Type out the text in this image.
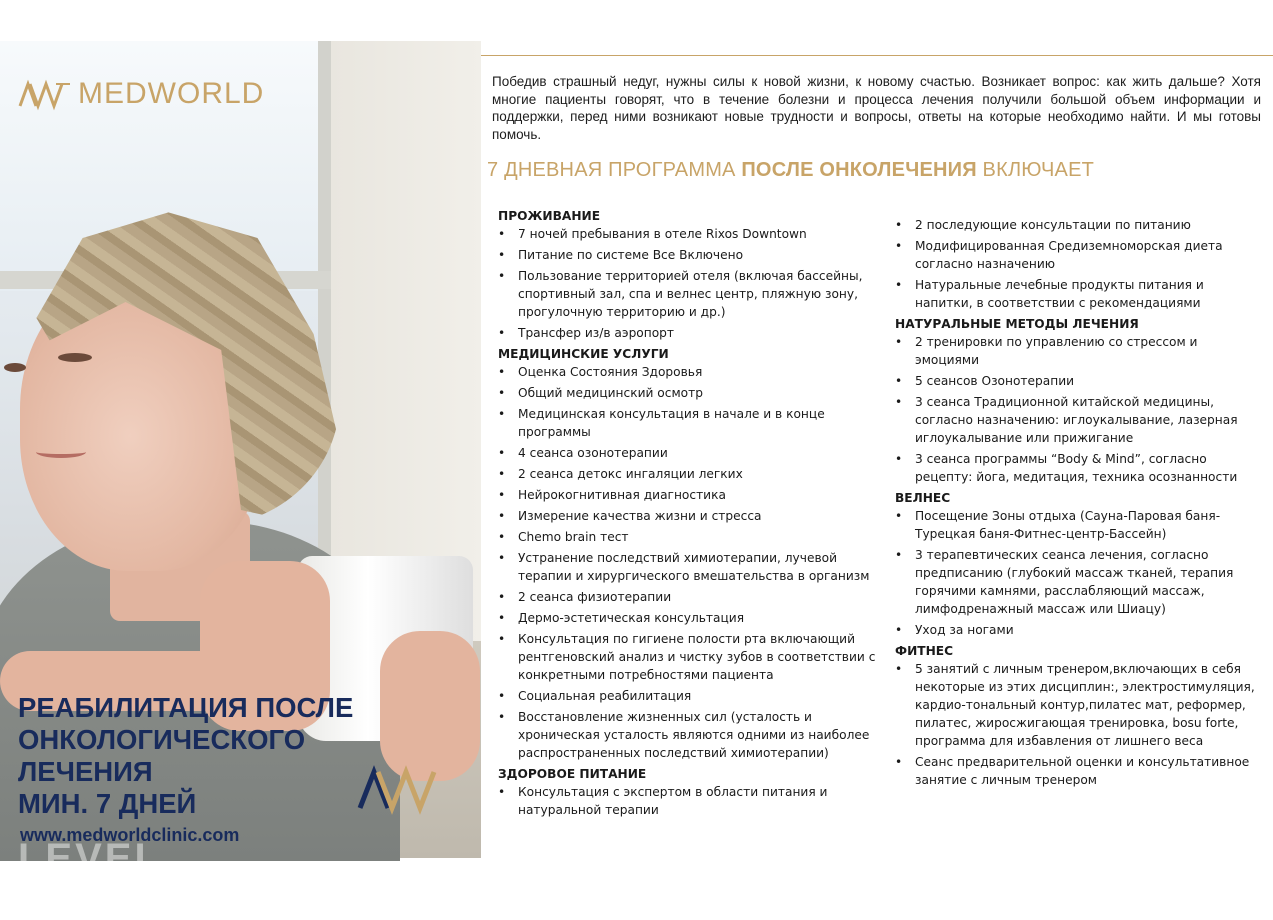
MEDWORLD
РЕАБИЛИТАЦИЯ ПОСЛЕ
ОНКОЛОГИЧЕСКОГО
ЛЕЧЕНИЯ
МИН. 7 ДНЕЙ
www.medworldclinic.com
LEVEL TRAVEL

Победив страшный недуг, нужны силы к новой жизни, к новому счастью. Возникает вопрос: как жить дальше? Хотя многие пациенты говорят, что в течение болезни и процесса лечения получили большой объем информации и поддержки, перед ними возникают новые трудности и вопросы, ответы на которые необходимо найти. И мы готовы помочь.

7 ДНЕВНАЯ ПРОГРАММА ПОСЛЕ ОНКОЛЕЧЕНИЯ ВКЛЮЧАЕТ
ПРОЖИВАНИЕ
• 7 ночей пребывания в отеле Rixos Downtown
• Питание по системе Все Включено
• Пользование территорией отеля (включая бассейны, спортивный зал, спа и велнес центр, пляжную зону, прогулочную территорию и др.)
• Трансфер из/в аэропорт
МЕДИЦИНСКИЕ УСЛУГИ
• Оценка Состояния Здоровья
• Общий медицинский осмотр
• Медицинская консультация в начале и в конце программы
• 4 сеанса озонотерапии
• 2 сеанса детокс ингаляции легких
• Нейрокогнитивная диагностика
• Измерение качества жизни и стресса
• Chemo brain тест
• Устранение последствий химиотерапии, лучевой терапии и хирургического вмешательства в организм
• 2 сеанса физиотерапии
• Дермо-эстетическая консультация
• Консультация по гигиене полости рта включающий рентгеновский анализ и чистку зубов в соответствии с конкретными потребностями пациента
• Социальная реабилитация
• Восстановление жизненных сил (усталость и хроническая усталость являются одними из наиболее распространенных последствий химиотерапии)
ЗДОРОВОЕ ПИТАНИЕ
• Консультация с экспертом в области питания и натуральной терапии
• 2 последующие консультации по питанию
• Модифицированная Средиземноморская диета согласно назначению
• Натуральные лечебные продукты питания и напитки, в соответствии с рекомендациями
НАТУРАЛЬНЫЕ МЕТОДЫ ЛЕЧЕНИЯ
• 2 тренировки по управлению со стрессом и эмоциями
• 5 сеансов Озонотерапии
• 3 сеанса Традиционной китайской медицины, согласно назначению: иглоукалывание, лазерная иглоукалывание или прижигание
• 3 сеанса программы “Body & Mind”, согласно рецепту: йога, медитация, техника осознанности
ВЕЛНЕС
• Посещение Зоны отдыха (Сауна-Паровая баня-Турецкая баня-Фитнес-центр-Бассейн)
• 3 терапевтических сеанса лечения, согласно предписанию (глубокий массаж тканей, терапия горячими камнями, расслабляющий массаж, лимфодренажный массаж или Шиацу)
• Уход за ногами
ФИТНЕС
• 5 занятий с личным тренером,включающих в себя некоторые из этих дисциплин:, электростимуляция, кардио-тональный контур,пилатес мат, реформер, пилатес, жиросжигающая тренировка, bosu forte, программа для избавления от лишнего веса
• Сеанс предварительной оценки и консультативное занятие с личным тренером
